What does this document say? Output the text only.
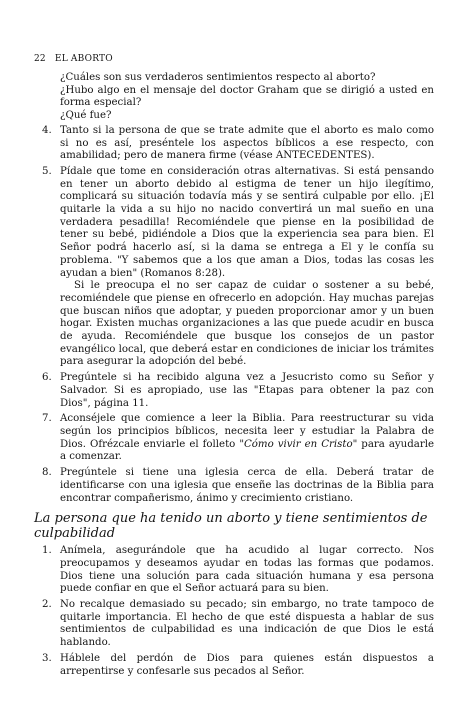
22 EL ABORTO

¿Cuáles son sus verdaderos sentimientos respecto al aborto?

¿Hubo algo en el mensaje del doctor Graham que se dirigió a usted en forma especial?

¿Qué fue?

4. Tanto si la persona de que se trate admite que el aborto es malo como si no es así, preséntele los aspectos bíblicos a ese respecto, con amabilidad; pero de manera firme (véase ANTECEDENTES).

5. Pídale que tome en consideración otras alternativas. Si está pensando en tener un aborto debido al estigma de tener un hijo ilegítimo, complicará su situación todavía más y se sentirá culpable por ello. ¡El quitarle la vida a su hijo no nacido convertirá un mal sueño en una verdadera pesadilla! Recomiéndele que piense en la posibilidad de tener su bebé, pidiéndole a Dios que la experiencia sea para bien. El Señor podrá hacerlo así, si la dama se entrega a El y le confía su problema. "Y sabemos que a los que aman a Dios, todas las cosas les ayudan a bien" (Romanos 8:28).

Si le preocupa el no ser capaz de cuidar o sostener a su bebé, recomiéndele que piense en ofrecerlo en adopción. Hay muchas parejas que buscan niños que adoptar, y pueden proporcionar amor y un buen hogar. Existen muchas organizaciones a las que puede acudir en busca de ayuda. Recomiéndele que busque los consejos de un pastor evangélico local, que deberá estar en condiciones de iniciar los trámites para asegurar la adopción del bebé.

6. Pregúntele si ha recibido alguna vez a Jesucristo como su Señor y Salvador. Si es apropiado, use las "Etapas para obtener la paz con Dios", página 11.

7. Aconséjele que comience a leer la Biblia. Para reestructurar su vida según los principios bíblicos, necesita leer y estudiar la Palabra de Dios. Ofrézcale enviarle el folleto "Cómo vivir en Cristo" para ayudarle a comenzar.

8. Pregúntele si tiene una iglesia cerca de ella. Deberá tratar de identificarse con una iglesia que enseñe las doctrinas de la Biblia para encontrar compañerismo, ánimo y crecimiento cristiano.

La persona que ha tenido un aborto y tiene sentimientos de culpabilidad
1. Anímela, asegurándole que ha acudido al lugar correcto. Nos preocupamos y deseamos ayudar en todas las formas que podamos. Dios tiene una solución para cada situación humana y esa persona puede confiar en que el Señor actuará para su bien.

2. No recalque demasiado su pecado; sin embargo, no trate tampoco de quitarle importancia. El hecho de que esté dispuesta a hablar de sus sentimientos de culpabilidad es una indicación de que Dios le está hablando.

3. Háblele del perdón de Dios para quienes están dispuestos a arrepentirse y confesarle sus pecados al Señor.
